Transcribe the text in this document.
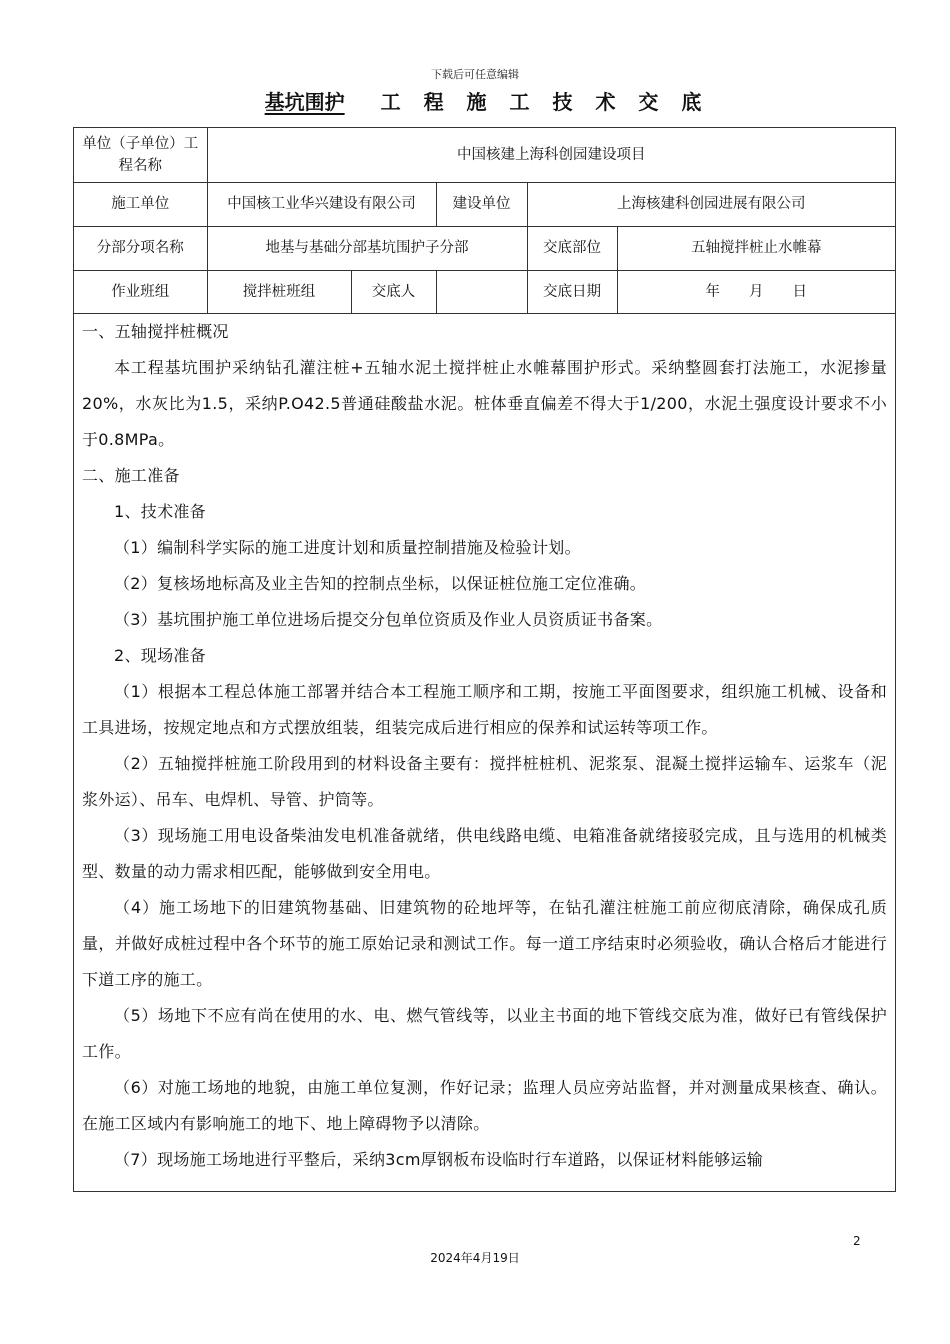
下载后可任意编辑
基坑围护 工 程 施 工 技 术 交 底
单位（子单位）工程名称	中国核建上海科创园建设项目				
施工单位	中国核工业华兴建设有限公司		建设单位	上海核建科创园进展有限公司	
分部分项名称	地基与基础分部基坑围护子分部			交底部位	五轴搅拌桩止水帷幕
作业班组	搅拌桩班组	交底人		交底日期	年　　月　　日

一、五轴搅拌桩概况

本工程基坑围护采纳钻孔灌注桩+五轴水泥土搅拌桩止水帷幕围护形式。采纳整圆套打法施工，水泥掺量20%，水灰比为1.5，采纳P.O42.5普通硅酸盐水泥。桩体垂直偏差不得大于1/200，水泥土强度设计要求不小于0.8MPa。

二、施工准备

1、技术准备

（1）编制科学实际的施工进度计划和质量控制措施及检验计划。

（2）复核场地标高及业主告知的控制点坐标，以保证桩位施工定位准确。

（3）基坑围护施工单位进场后提交分包单位资质及作业人员资质证书备案。

2、现场准备

（1）根据本工程总体施工部署并结合本工程施工顺序和工期，按施工平面图要求，组织施工机械、设备和工具进场，按规定地点和方式摆放组装，组装完成后进行相应的保养和试运转等项工作。

（2）五轴搅拌桩施工阶段用到的材料设备主要有：搅拌桩桩机、泥浆泵、混凝土搅拌运输车、运浆车（泥浆外运）、吊车、电焊机、导管、护筒等。

（3）现场施工用电设备柴油发电机准备就绪，供电线路电缆、电箱准备就绪接驳完成，且与选用的机械类型、数量的动力需求相匹配，能够做到安全用电。

（4）施工场地下的旧建筑物基础、旧建筑物的砼地坪等，在钻孔灌注桩施工前应彻底清除，确保成孔质量，并做好成桩过程中各个环节的施工原始记录和测试工作。每一道工序结束时必须验收，确认合格后才能进行下道工序的施工。

（5）场地下不应有尚在使用的水、电、燃气管线等，以业主书面的地下管线交底为准，做好已有管线保护工作。

（6）对施工场地的地貌，由施工单位复测，作好记录；监理人员应旁站监督，并对测量成果核查、确认。在施工区域内有影响施工的地下、地上障碍物予以清除。

（7）现场施工场地进行平整后，采纳3cm厚钢板布设临时行车道路，以保证材料能够运输

2
2024年4月19日
